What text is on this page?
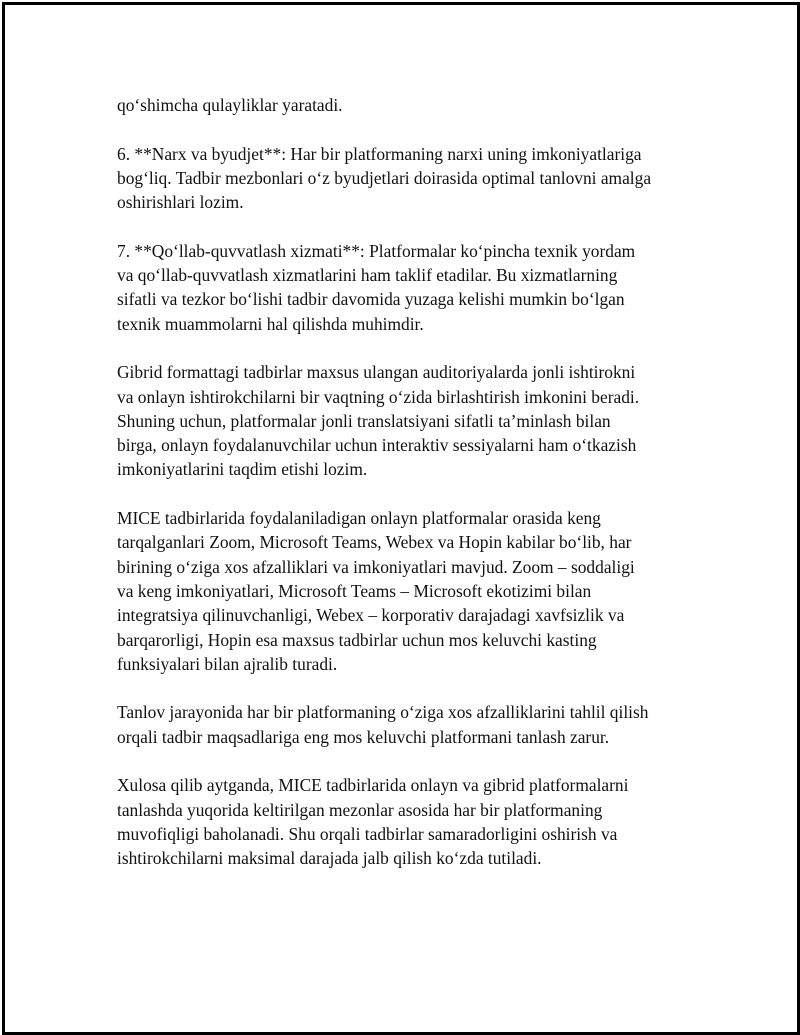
qo‘shimcha qulayliklar yaratadi.

6. **Narx va byudjet**: Har bir platformaning narxi uning imkoniyatlariga
bog‘liq. Tadbir mezbonlari o‘z byudjetlari doirasida optimal tanlovni amalga
oshirishlari lozim.

7. **Qo‘llab-quvvatlash xizmati**: Platformalar ko‘pincha texnik yordam
va qo‘llab-quvvatlash xizmatlarini ham taklif etadilar. Bu xizmatlarning
sifatli va tezkor bo‘lishi tadbir davomida yuzaga kelishi mumkin bo‘lgan
texnik muammolarni hal qilishda muhimdir.

Gibrid formattagi tadbirlar maxsus ulangan auditoriyalarda jonli ishtirokni
va onlayn ishtirokchilarni bir vaqtning o‘zida birlashtirish imkonini beradi.
Shuning uchun, platformalar jonli translatsiyani sifatli ta’minlash bilan
birga, onlayn foydalanuvchilar uchun interaktiv sessiyalarni ham o‘tkazish
imkoniyatlarini taqdim etishi lozim.

MICE tadbirlarida foydalaniladigan onlayn platformalar orasida keng
tarqalganlari Zoom, Microsoft Teams, Webex va Hopin kabilar bo‘lib, har
birining o‘ziga xos afzalliklari va imkoniyatlari mavjud. Zoom – soddaligi
va keng imkoniyatlari, Microsoft Teams – Microsoft ekotizimi bilan
integratsiya qilinuvchanligi, Webex – korporativ darajadagi xavfsizlik va
barqarorligi, Hopin esa maxsus tadbirlar uchun mos keluvchi kasting
funksiyalari bilan ajralib turadi.

Tanlov jarayonida har bir platformaning o‘ziga xos afzalliklarini tahlil qilish
orqali tadbir maqsadlariga eng mos keluvchi platformani tanlash zarur.

Xulosa qilib aytganda, MICE tadbirlarida onlayn va gibrid platformalarni
tanlashda yuqorida keltirilgan mezonlar asosida har bir platformaning
muvofiqligi baholanadi. Shu orqali tadbirlar samaradorligini oshirish va
ishtirokchilarni maksimal darajada jalb qilish ko‘zda tutiladi.
